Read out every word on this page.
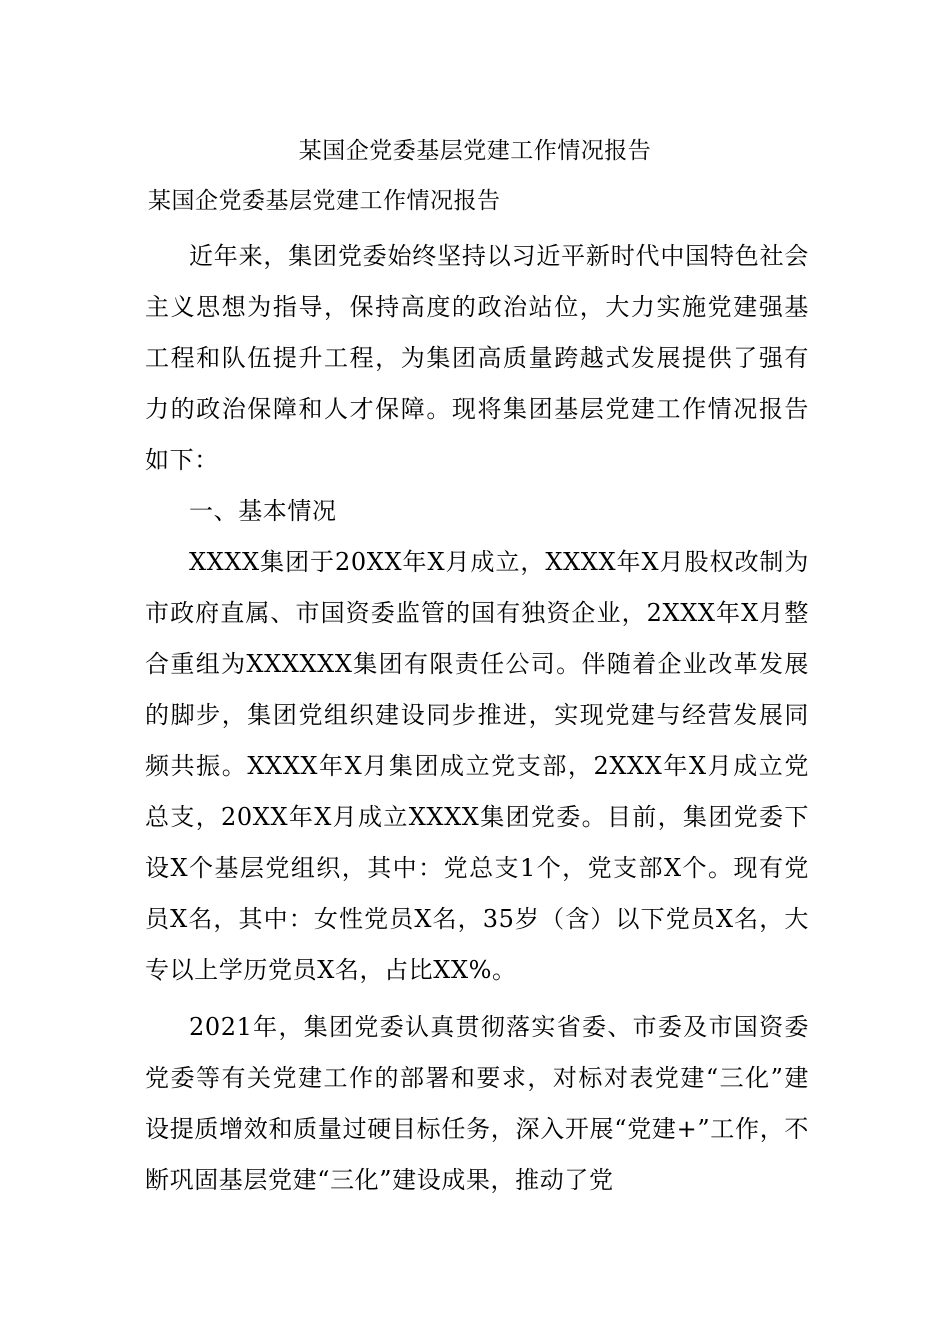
某国企党委基层党建工作情况报告
某国企党委基层党建工作情况报告

近年来，集团党委始终坚持以习近平新时代中国特色社会主义思想为指导，保持高度的政治站位，大力实施党建强基工程和队伍提升工程，为集团高质量跨越式发展提供了强有力的政治保障和人才保障。现将集团基层党建工作情况报告如下：

一、基本情况

XXXX集团于20XX年X月成立，XXXX年X月股权改制为市政府直属、市国资委监管的国有独资企业，2XXX年X月整合重组为XXXXXX集团有限责任公司。伴随着企业改革发展的脚步，集团党组织建设同步推进，实现党建与经营发展同频共振。XXXX年X月集团成立党支部，2XXX年X月成立党总支，20XX年X月成立XXXX集团党委。目前，集团党委下设X个基层党组织，其中：党总支1个，党支部X个。现有党员X名，其中：女性党员X名，35岁（含）以下党员X名，大专以上学历党员X名，占比XX%。

2021年，集团党委认真贯彻落实省委、市委及市国资委党委等有关党建工作的部署和要求，对标对表党建“三化”建设提质增效和质量过硬目标任务，深入开展“党建+”工作，不断巩固基层党建“三化”建设成果，推动了党
